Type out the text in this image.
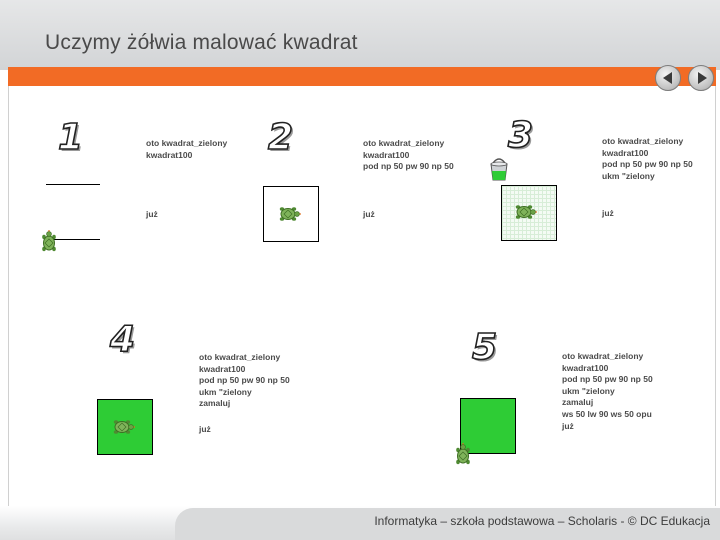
Uczymy żółwia malować kwadrat
1	oto kwadrat_zielony
kwadrat100
już
2	oto kwadrat_zielony
kwadrat100
pod np 50 pw 90 np 50
już
3	oto kwadrat_zielony
kwadrat100
pod np 50 pw 90 np 50
ukm "zielony
już
4	oto kwadrat_zielony
kwadrat100
pod np 50 pw 90 np 50
ukm "zielony
zamaluj
już
5	oto kwadrat_zielony
kwadrat100
pod np 50 pw 90 np 50
ukm "zielony
zamaluj
ws 50 lw 90 ws 50 opu
już
Informatyka – szkoła podstawowa – Scholaris - © DC Edukacja
